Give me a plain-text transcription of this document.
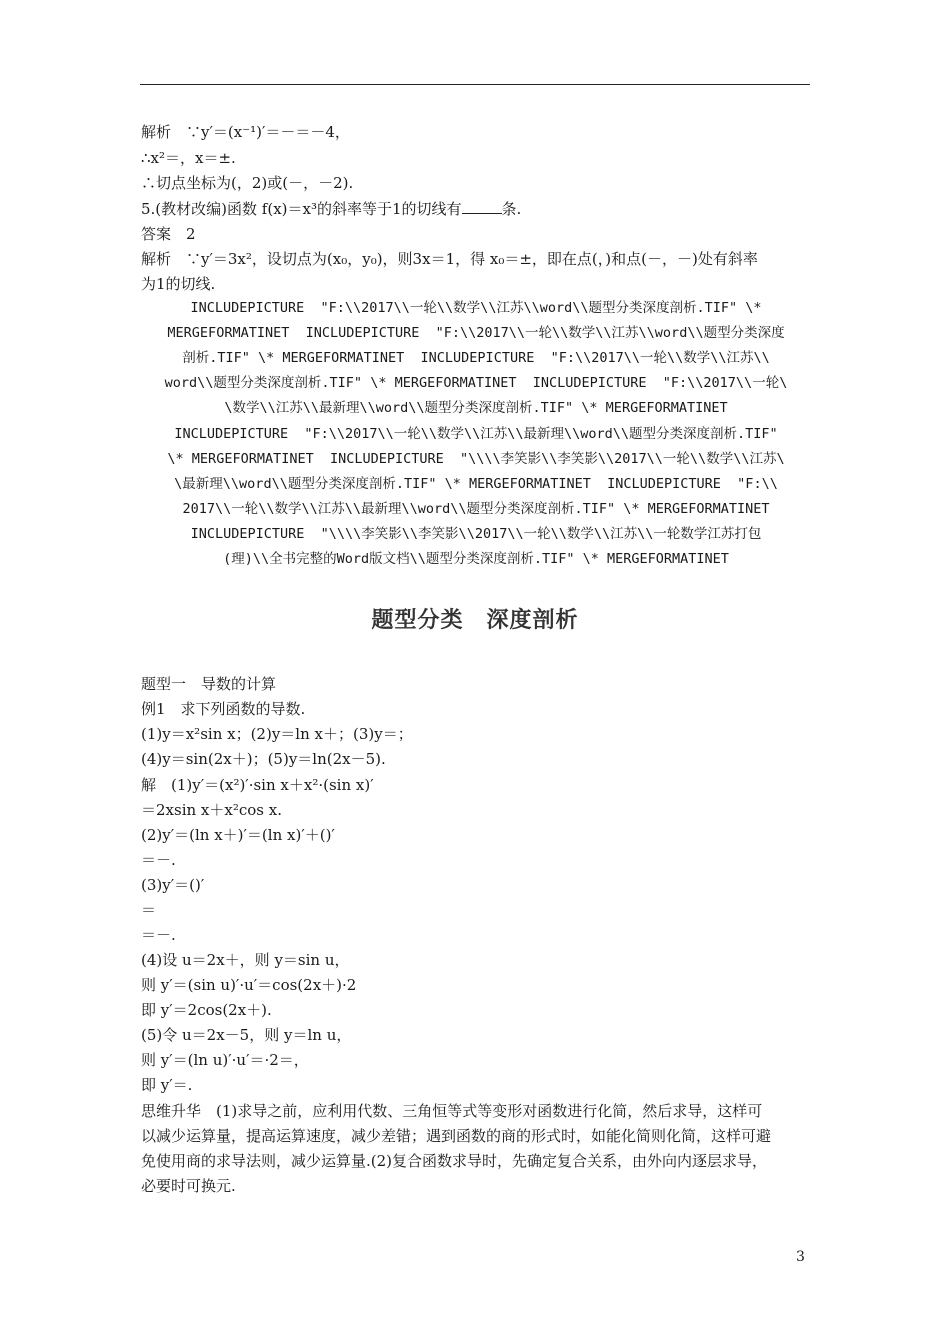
解析　∵y′＝(x⁻¹)′＝－＝－4，
∴x²＝，x＝±.
∴切点坐标为(，2)或(－，－2).
5.(教材改编)函数 f(x)＝x³的斜率等于1的切线有	条.
答案　2
解析　∵y′＝3x²，设切点为(x₀，y₀)，则3x＝1，得 x₀＝±，即在点(，)和点(－，－)处有斜率
为1的切线.
INCLUDEPICTURE  "F:\\2017\\一轮\\数学\\江苏\\word\\题型分类深度剖析.TIF" \*
MERGEFORMATINET  INCLUDEPICTURE  "F:\\2017\\一轮\\数学\\江苏\\word\\题型分类深度
剖析.TIF" \* MERGEFORMATINET  INCLUDEPICTURE  "F:\\2017\\一轮\\数学\\江苏\\
word\\题型分类深度剖析.TIF" \* MERGEFORMATINET  INCLUDEPICTURE  "F:\\2017\\一轮\
\数学\\江苏\\最新理\\word\\题型分类深度剖析.TIF" \* MERGEFORMATINET
INCLUDEPICTURE  "F:\\2017\\一轮\\数学\\江苏\\最新理\\word\\题型分类深度剖析.TIF"
\* MERGEFORMATINET  INCLUDEPICTURE  "\\\\李笑影\\李笑影\\2017\\一轮\\数学\\江苏\
\最新理\\word\\题型分类深度剖析.TIF" \* MERGEFORMATINET  INCLUDEPICTURE  "F:\\
2017\\一轮\\数学\\江苏\\最新理\\word\\题型分类深度剖析.TIF" \* MERGEFORMATINET
INCLUDEPICTURE  "\\\\李笑影\\李笑影\\2017\\一轮\\数学\\江苏\\一轮数学江苏打包
(理)\\全书完整的Word版文档\\题型分类深度剖析.TIF" \* MERGEFORMATINET
题型分类　深度剖析
题型一　导数的计算
例1　求下列函数的导数.
(1)y＝x²sin x；(2)y＝ln x＋；(3)y＝；
(4)y＝sin(2x＋)；(5)y＝ln(2x－5).
解　(1)y′＝(x²)′·sin x＋x²·(sin x)′
＝2xsin x＋x²cos x.
(2)y′＝(ln x＋)′＝(ln x)′＋()′
＝－.
(3)y′＝()′
＝
＝－.
(4)设 u＝2x＋，则 y＝sin u，
则 y′＝(sin u)′·u′＝cos(2x＋)·2
即 y′＝2cos(2x＋).
(5)令 u＝2x－5，则 y＝ln u，
则 y′＝(ln u)′·u′＝·2＝，
即 y′＝.
思维升华　(1)求导之前，应利用代数、三角恒等式等变形对函数进行化简，然后求导，这样可
以减少运算量，提高运算速度，减少差错；遇到函数的商的形式时，如能化简则化简，这样可避
免使用商的求导法则，减少运算量.(2)复合函数求导时，先确定复合关系，由外向内逐层求导，
必要时可换元.
3
